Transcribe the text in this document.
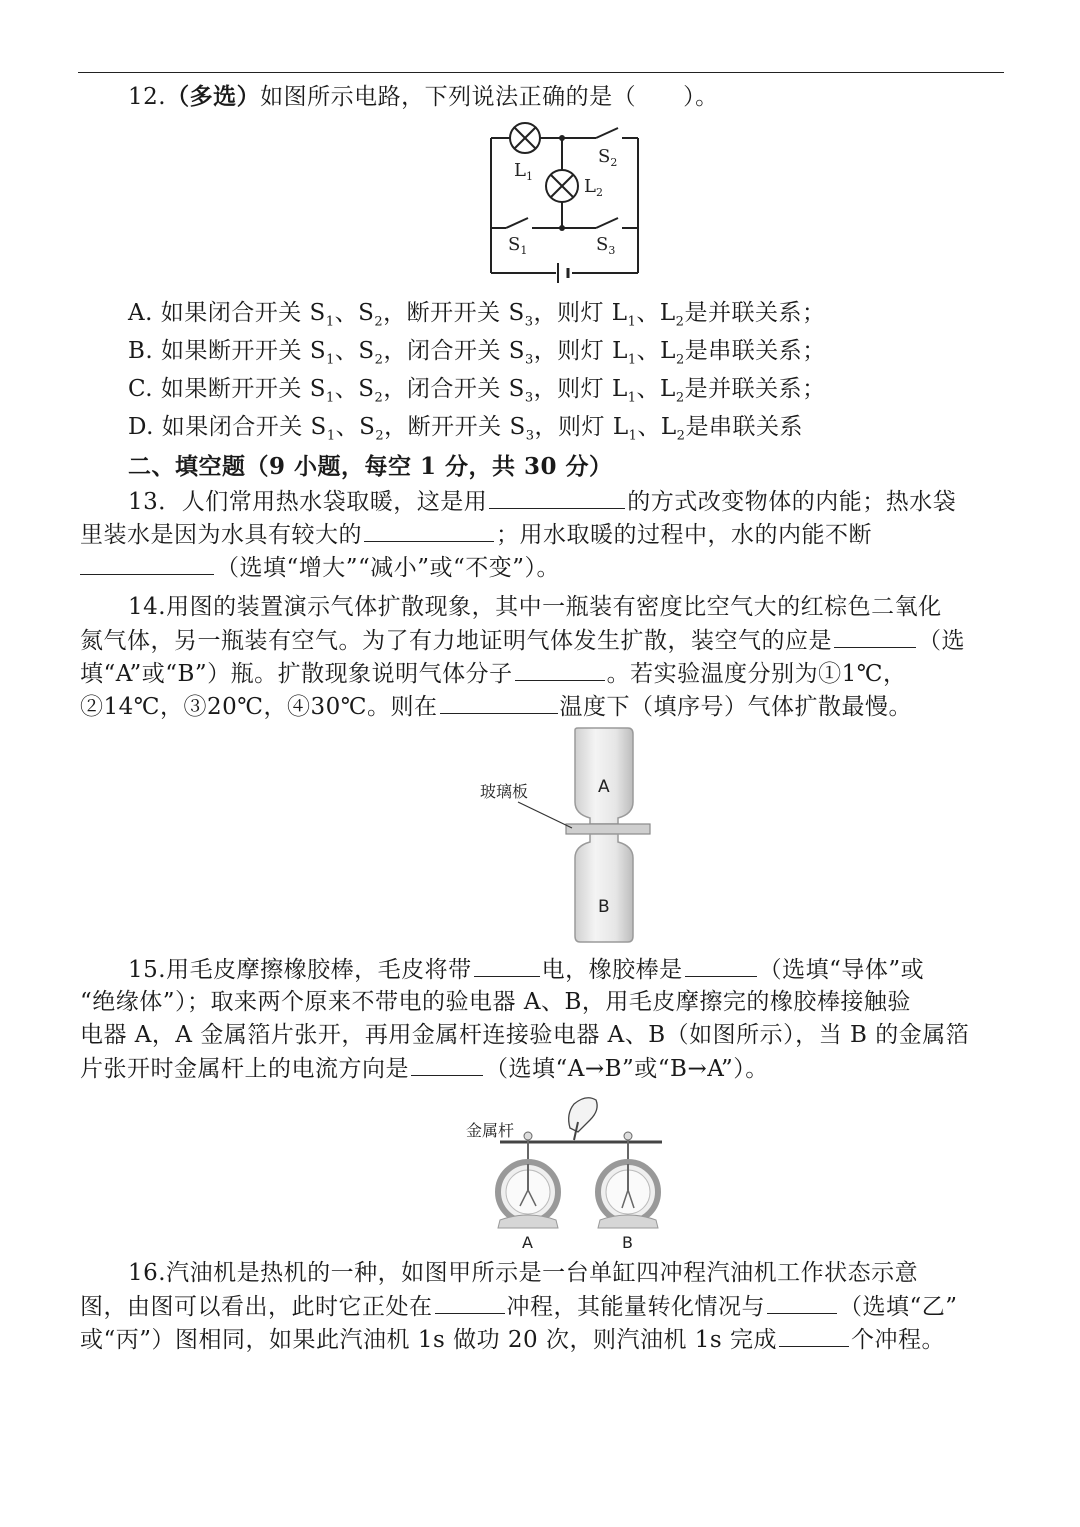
12.（多选）如图所示电路，下列说法正确的是（　　）。
$L_1$	$L_2$
$S_2$
$S_1$	$S_3$
A. 如果闭合开关 $S_1$、$S_2$，断开开关 $S_3$，则灯 $L_1$、$L_2$是并联关系；
B. 如果断开开关 $S_1$、$S_2$，闭合开关 $S_3$，则灯 $L_1$、$L_2$是串联关系；
C. 如果断开开关 $S_1$、$S_2$，闭合开关 $S_3$，则灯 $L_1$、$L_2$是并联关系；
D. 如果闭合开关 $S_1$、$S_2$，断开开关 $S_3$，则灯 $L_1$、$L_2$是串联关系
二、填空题（9 小题，每空 1 分，共 30 分）
13．人们常用热水袋取暖，这是用	的方式改变物体的内能；热水袋
里装水是因为水具有较大的	；用水取暖的过程中，水的内能不断
（选填“增大”“减小”或“不变”）。
14.用图的装置演示气体扩散现象，其中一瓶装有密度比空气大的红棕色二氧化
氮气体，另一瓶装有空气。为了有力地证明气体发生扩散，装空气的应是	（选
填“A”或“B”）瓶。扩散现象说明气体分子	。若实验温度分别为①1℃，
②14℃，③20℃，④30℃。则在	温度下（填序号）气体扩散最慢。
玻璃板	A
B
15.用毛皮摩擦橡胶棒，毛皮将带	电，橡胶棒是	（选填“导体”或
“绝缘体”）；取来两个原来不带电的验电器 A、B，用毛皮摩擦完的橡胶棒接触验
电器 A，A 金属箔片张开，再用金属杆连接验电器 A、B（如图所示），当 B 的金属箔
片张开时金属杆上的电流方向是	（选填“A→B”或“B→A”）。
金属杆
A	B
16.汽油机是热机的一种，如图甲所示是一台单缸四冲程汽油机工作状态示意
图，由图可以看出，此时它正处在	冲程，其能量转化情况与	（选填“乙”
或“丙”）图相同，如果此汽油机 1s 做功 20 次，则汽油机 1s 完成	个冲程。
